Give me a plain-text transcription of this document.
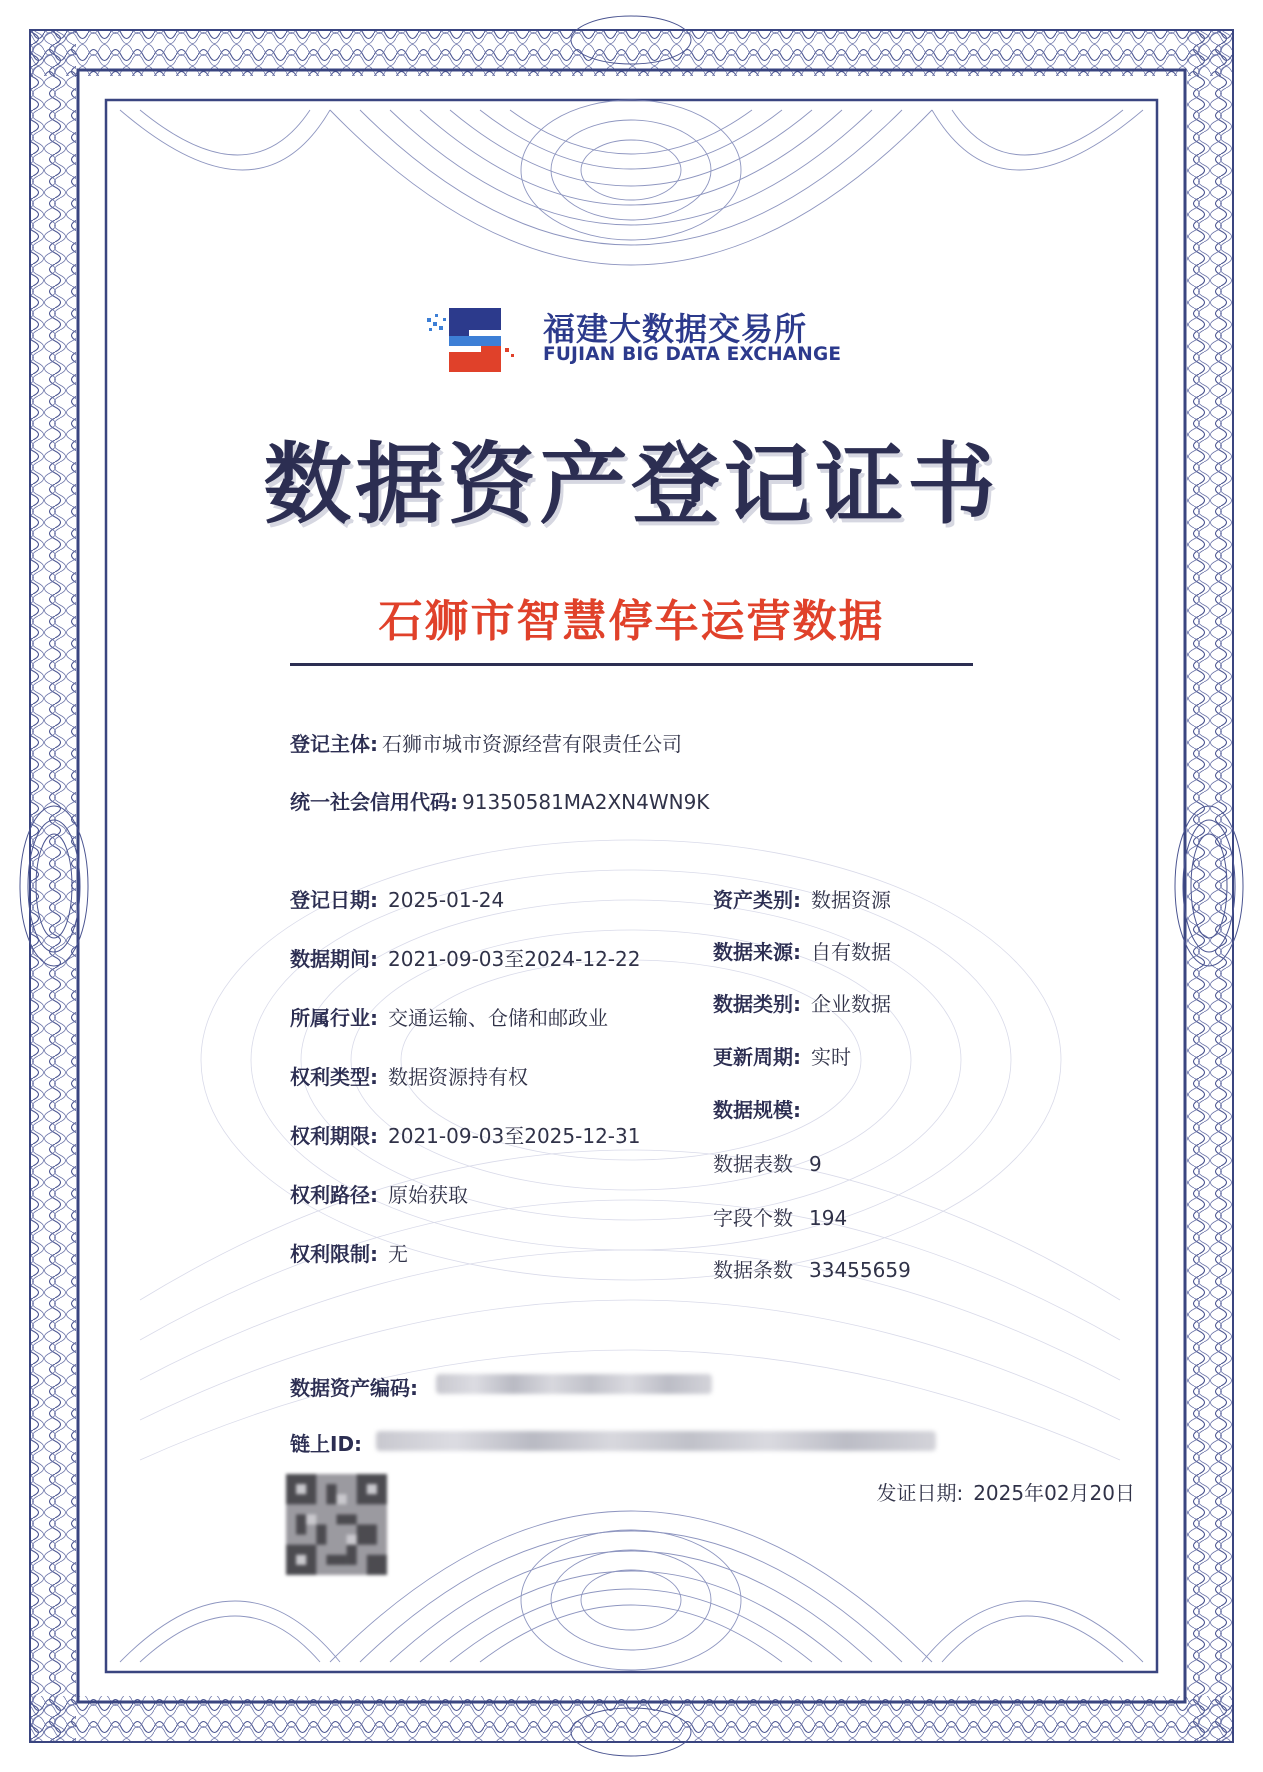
福建大数据交易所
FUJIAN BIG DATA EXCHANGE
数据资产登记证书
石狮市智慧停车运营数据
登记主体: 石狮市城市资源经营有限责任公司
统一社会信用代码: 91350581MA2XN4WN9K
登记日期: 2025-01-24
数据期间: 2021-09-03至2024-12-22
所属行业: 交通运输、仓储和邮政业
权利类型: 数据资源持有权
权利期限: 2021-09-03至2025-12-31
权利路径: 原始获取
权利限制: 无
资产类别: 数据资源
数据来源: 自有数据
数据类别: 企业数据
更新周期: 实时
数据规模:
数据表数 9
字段个数 194
数据条数 33455659
数据资产编码:
链上ID:
发证日期: 2025年02月20日
